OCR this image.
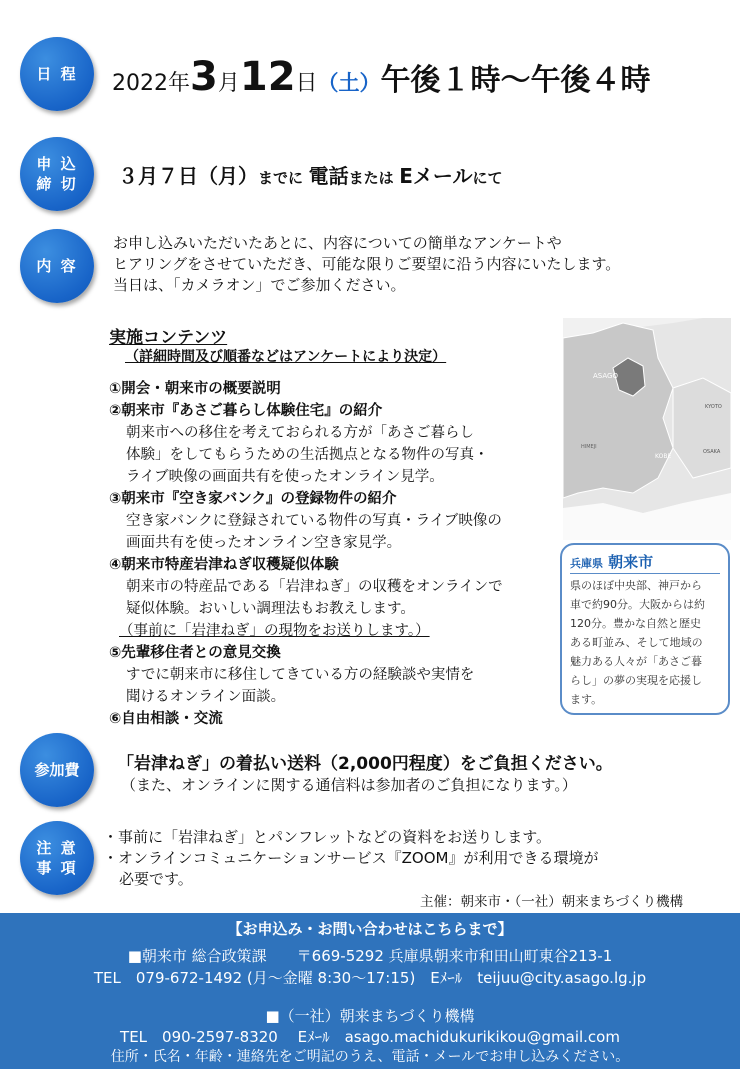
日 程
申 込
締 切
内 容
参加費
注 意
事 項
2022年3月12日（土）午後１時〜午後４時
３月７日（月）までに 電話または Eメールにて
お申し込みいただいたあとに、内容についての簡単なアンケートや
ヒアリングをさせていただき、可能な限りご要望に沿う内容にいたします。
当日は、「カメラオン」でご参加ください。
実施コンテンツ
（詳細時間及び順番などはアンケートにより決定）
①開会・朝来市の概要説明
②朝来市『あさご暮らし体験住宅』の紹介
朝来市への移住を考えておられる方が「あさご暮らし
体験」をしてもらうための生活拠点となる物件の写真・
ライブ映像の画面共有を使ったオンライン見学。
③朝来市『空き家バンク』の登録物件の紹介
空き家バンクに登録されている物件の写真・ライブ映像の
画面共有を使ったオンライン空き家見学。
④朝来市特産岩津ねぎ収穫疑似体験
朝来市の特産品である「岩津ねぎ」の収穫をオンラインで
疑似体験。おいしい調理法もお教えします。
（事前に「岩津ねぎ」の現物をお送りします。）
⑤先輩移住者との意見交換
すでに朝来市に移住してきている方の経験談や実情を
聞けるオンライン面談。
⑥自由相談・交流
ASAGO
HIMEJI
KOBE
KYOTO
OSAKA
兵庫県 朝来市
県のほぼ中央部、神戸から
車で約90分。大阪からは約
120分。豊かな自然と歴史
ある町並み、そして地域の
魅力ある人々が「あさご暮
らし」の夢の実現を応援し
ます。
「岩津ねぎ」の着払い送料（2,000円程度）をご負担ください。
（また、オンラインに関する通信料は参加者のご負担になります。）
・事前に「岩津ねぎ」とパンフレットなどの資料をお送りします。
・オンラインコミュニケーションサービス『ZOOM』が利用できる環境が
必要です。
主催：朝来市・（一社）朝来まちづくり機構
【お申込み・お問い合わせはこちらまで】
■朝来市 総合政策課　　〒669-5292 兵庫県朝来市和田山町東谷213-1
TEL　079-672-1492 (月〜金曜 8:30〜17:15)　Eﾒｰﾙ　teijuu@city.asago.lg.jp
■（一社）朝来まちづくり機構
TEL　090-2597-8320　 Eﾒｰﾙ　asago.machidukurikikou@gmail.com
住所・氏名・年齢・連絡先をご明記のうえ、電話・メールでお申し込みください。
